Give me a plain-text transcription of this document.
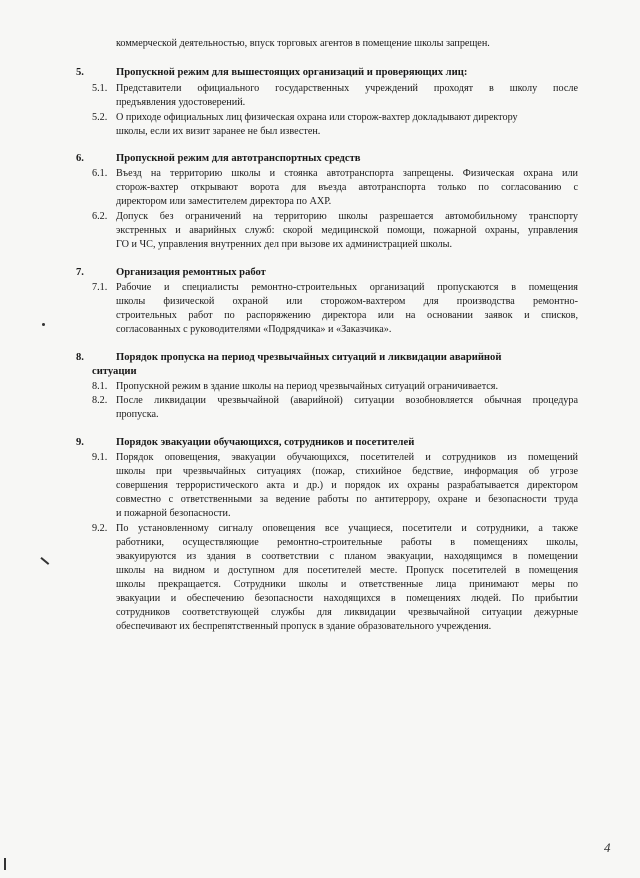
коммерческой деятельностью, впуск торговых агентов в помещение школы запрещен.
5.	Пропускной режим для вышестоящих организаций и проверяющих лиц:
5.1. Представители официального государственных учреждений проходят в школу после
предъявления удостоверений.
5.2. О приходе официальных лиц физическая охрана или сторож-вахтер докладывают директору
школы, если их визит заранее не был известен.
6.	Пропускной режим для автотранспортных средств
6.1. Въезд на территорию школы и стоянка автотранспорта запрещены. Физическая охрана или
сторож-вахтер открывают ворота для въезда автотранспорта только по согласованию с
директором или заместителем директора по АХР.
6.2. Допуск без ограничений на территорию школы разрешается автомобильному транспорту
экстренных и аварийных служб: скорой медицинской помощи, пожарной охраны, управления
ГО и ЧС, управления внутренних дел при вызове их администрацией школы.
7.	Организация ремонтных работ
7.1. Рабочие и специалисты ремонтно-строительных организаций пропускаются в помещения
школы физической охраной или сторожом-вахтером для производства ремонтно-
строительных работ по распоряжению директора или на основании заявок и списков,
согласованных с руководителями «Подрядчика» и «Заказчика».
8.	Порядок пропуска на период чрезвычайных ситуаций и ликвидации аварийной
ситуации
8.1. Пропускной режим в здание школы на период чрезвычайных ситуаций ограничивается.
8.2. После ликвидации чрезвычайной (аварийной) ситуации возобновляется обычная процедура
пропуска.
9.	Порядок эвакуации обучающихся, сотрудников и посетителей
9.1. Порядок оповещения, эвакуации обучающихся, посетителей и сотрудников из помещений
школы при чрезвычайных ситуациях (пожар, стихийное бедствие, информация об угрозе
совершения террористического акта и др.) и порядок их охраны разрабатывается директором
совместно с ответственными за ведение работы по антитеррору, охране и безопасности труда
и пожарной безопасности.
9.2. По установленному сигналу оповещения все учащиеся, посетители и сотрудники, а также
работники, осуществляющие ремонтно-строительные работы в помещениях школы,
эвакуируются из здания в соответствии с планом эвакуации, находящимся в помещении
школы на видном и доступном для посетителей месте. Пропуск посетителей в помещения
школы прекращается. Сотрудники школы и ответственные лица принимают меры по
эвакуации и обеспечению безопасности находящихся в помещениях людей. По прибытии
сотрудников соответствующей службы для ликвидации чрезвычайной ситуации дежурные
обеспечивают их беспрепятственный пропуск в здание образовательного учреждения.
4
